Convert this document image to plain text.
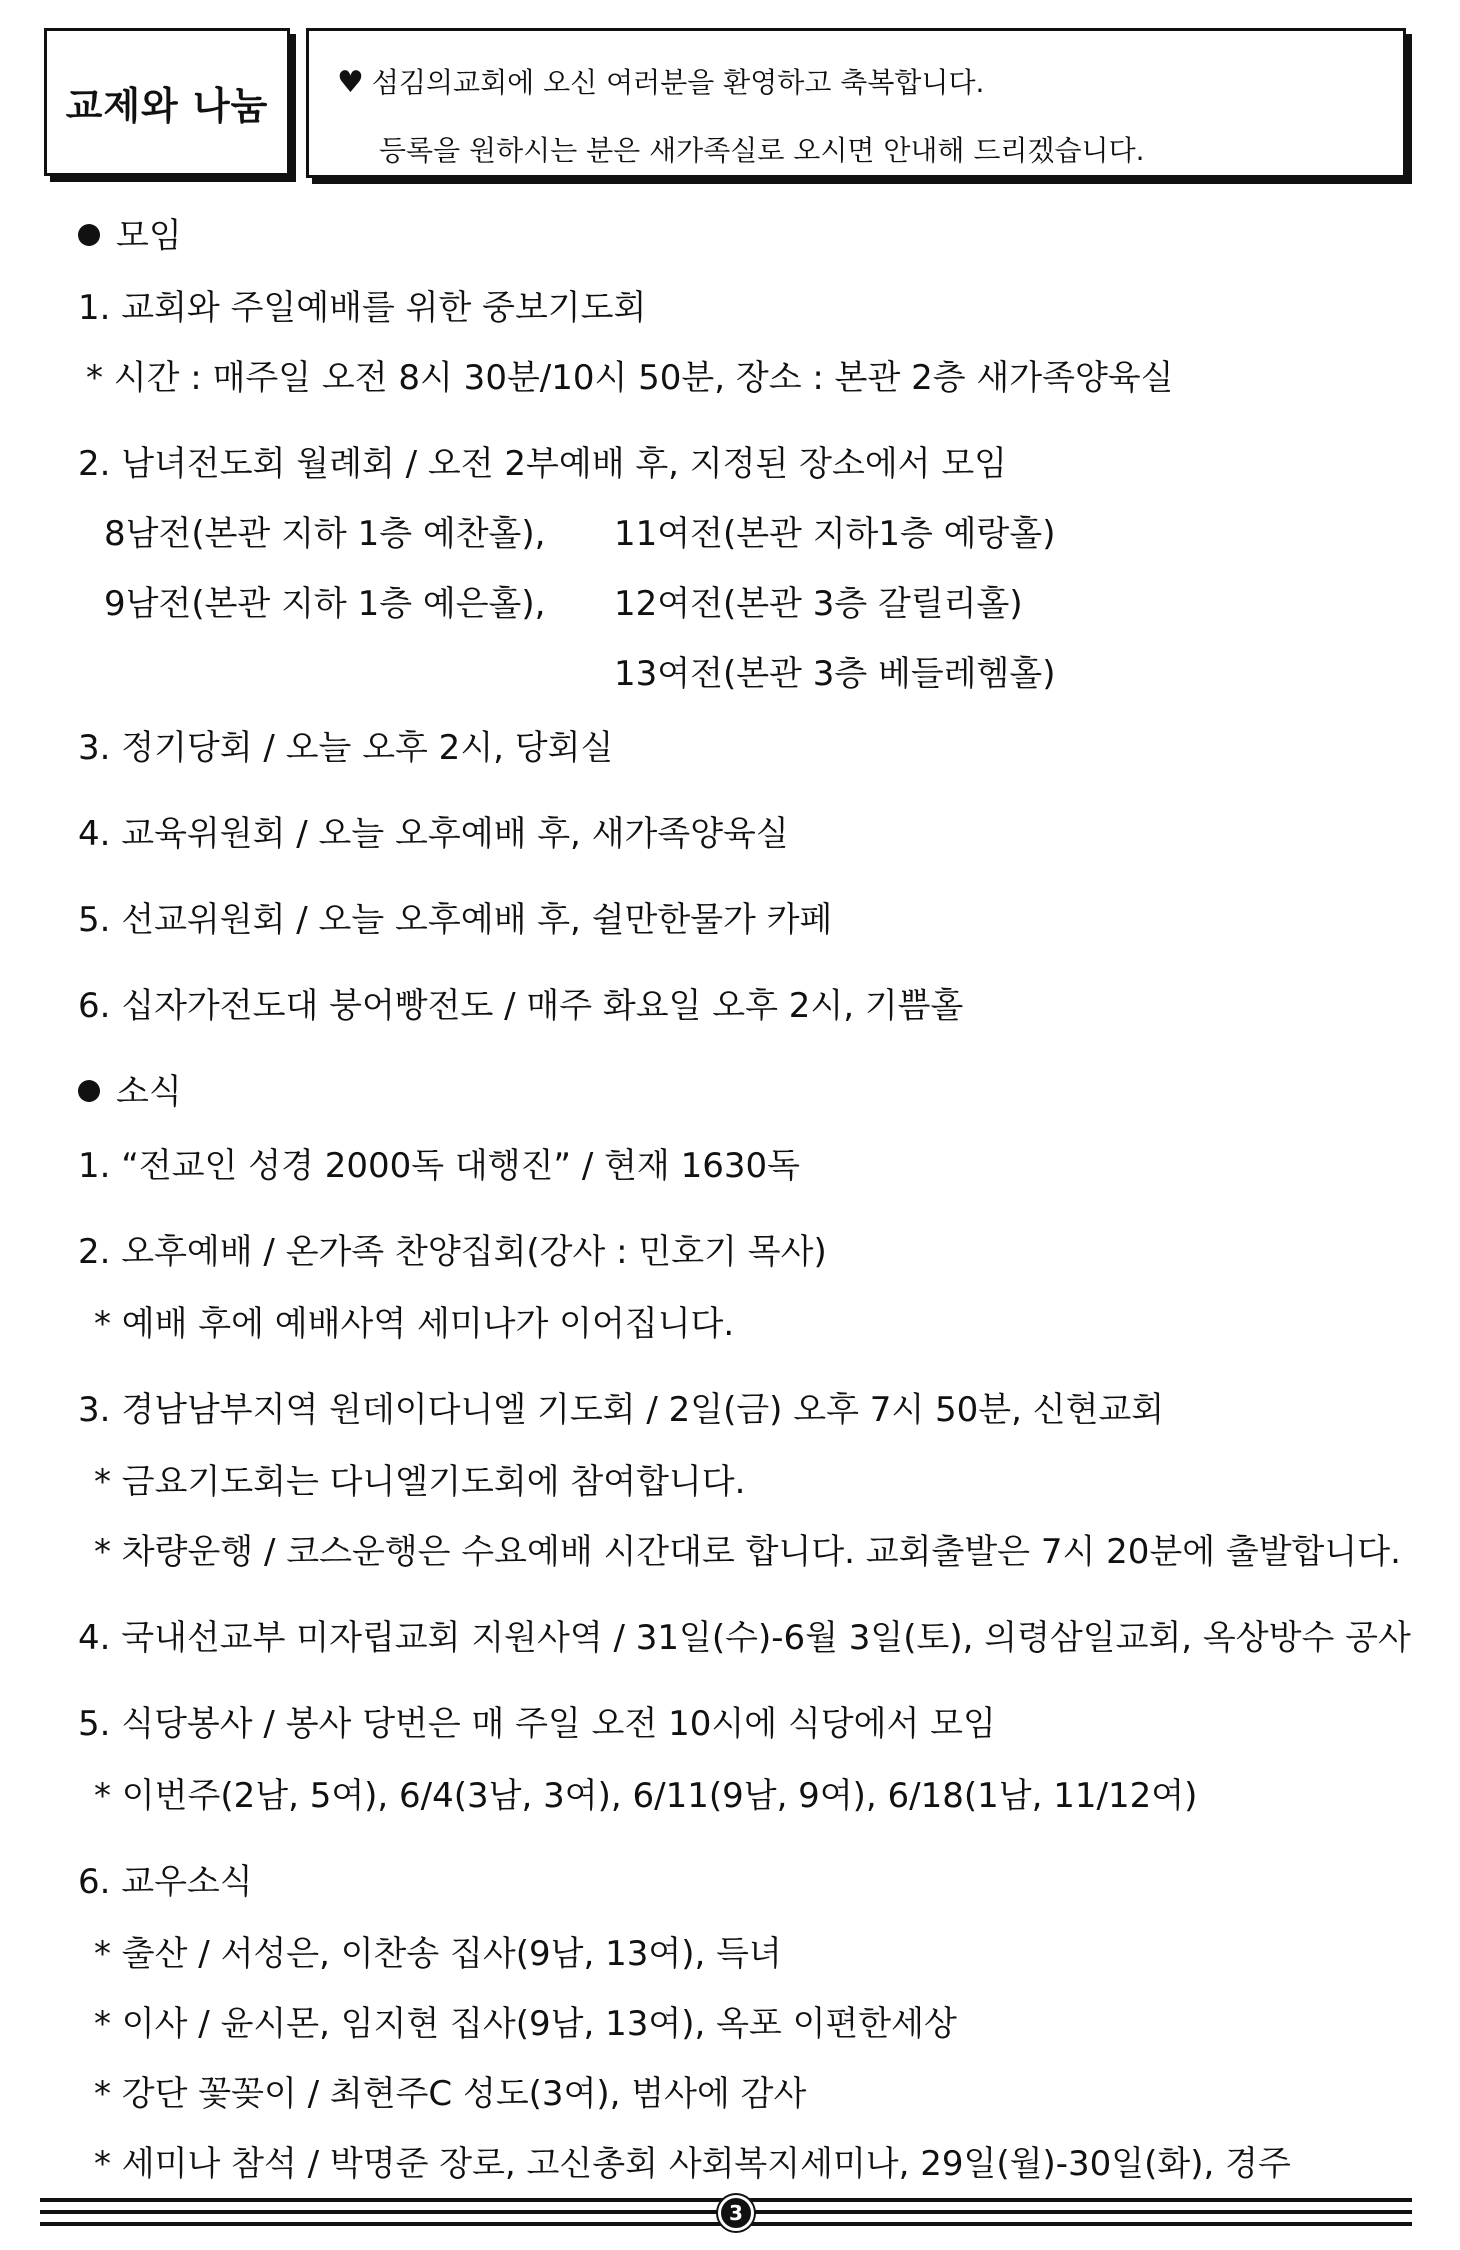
교제와 나눔
♥ 섬김의교회에 오신 여러분을 환영하고 축복합니다.
등록을 원하시는 분은 새가족실로 오시면 안내해 드리겠습니다.
모임
1. 교회와 주일예배를 위한 중보기도회
* 시간 : 매주일 오전 8시 30분/10시 50분, 장소 : 본관 2층 새가족양육실
2. 남녀전도회 월례회 / 오전 2부예배 후, 지정된 장소에서 모임
8남전(본관 지하 1층 예찬홀), 11여전(본관 지하1층 예랑홀)
9남전(본관 지하 1층 예은홀), 12여전(본관 3층 갈릴리홀)
13여전(본관 3층 베들레헴홀)
3. 정기당회 / 오늘 오후 2시, 당회실
4. 교육위원회 / 오늘 오후예배 후, 새가족양육실
5. 선교위원회 / 오늘 오후예배 후, 쉴만한물가 카페
6. 십자가전도대 붕어빵전도 / 매주 화요일 오후 2시, 기쁨홀
소식
1. “전교인 성경 2000독 대행진” / 현재 1630독
2. 오후예배 / 온가족 찬양집회(강사 : 민호기 목사)
* 예배 후에 예배사역 세미나가 이어집니다.
3. 경남남부지역 원데이다니엘 기도회 / 2일(금) 오후 7시 50분, 신현교회
* 금요기도회는 다니엘기도회에 참여합니다.
* 차량운행 / 코스운행은 수요예배 시간대로 합니다. 교회출발은 7시 20분에 출발합니다.
4. 국내선교부 미자립교회 지원사역 / 31일(수)-6월 3일(토), 의령삼일교회, 옥상방수 공사
5. 식당봉사 / 봉사 당번은 매 주일 오전 10시에 식당에서 모임
* 이번주(2남, 5여), 6/4(3남, 3여), 6/11(9남, 9여), 6/18(1남, 11/12여)
6. 교우소식
* 출산 / 서성은, 이찬송 집사(9남, 13여), 득녀
* 이사 / 윤시몬, 임지현 집사(9남, 13여), 옥포 이편한세상
* 강단 꽃꽂이 / 최현주C 성도(3여), 범사에 감사
* 세미나 참석 / 박명준 장로, 고신총회 사회복지세미나, 29일(월)-30일(화), 경주
3
